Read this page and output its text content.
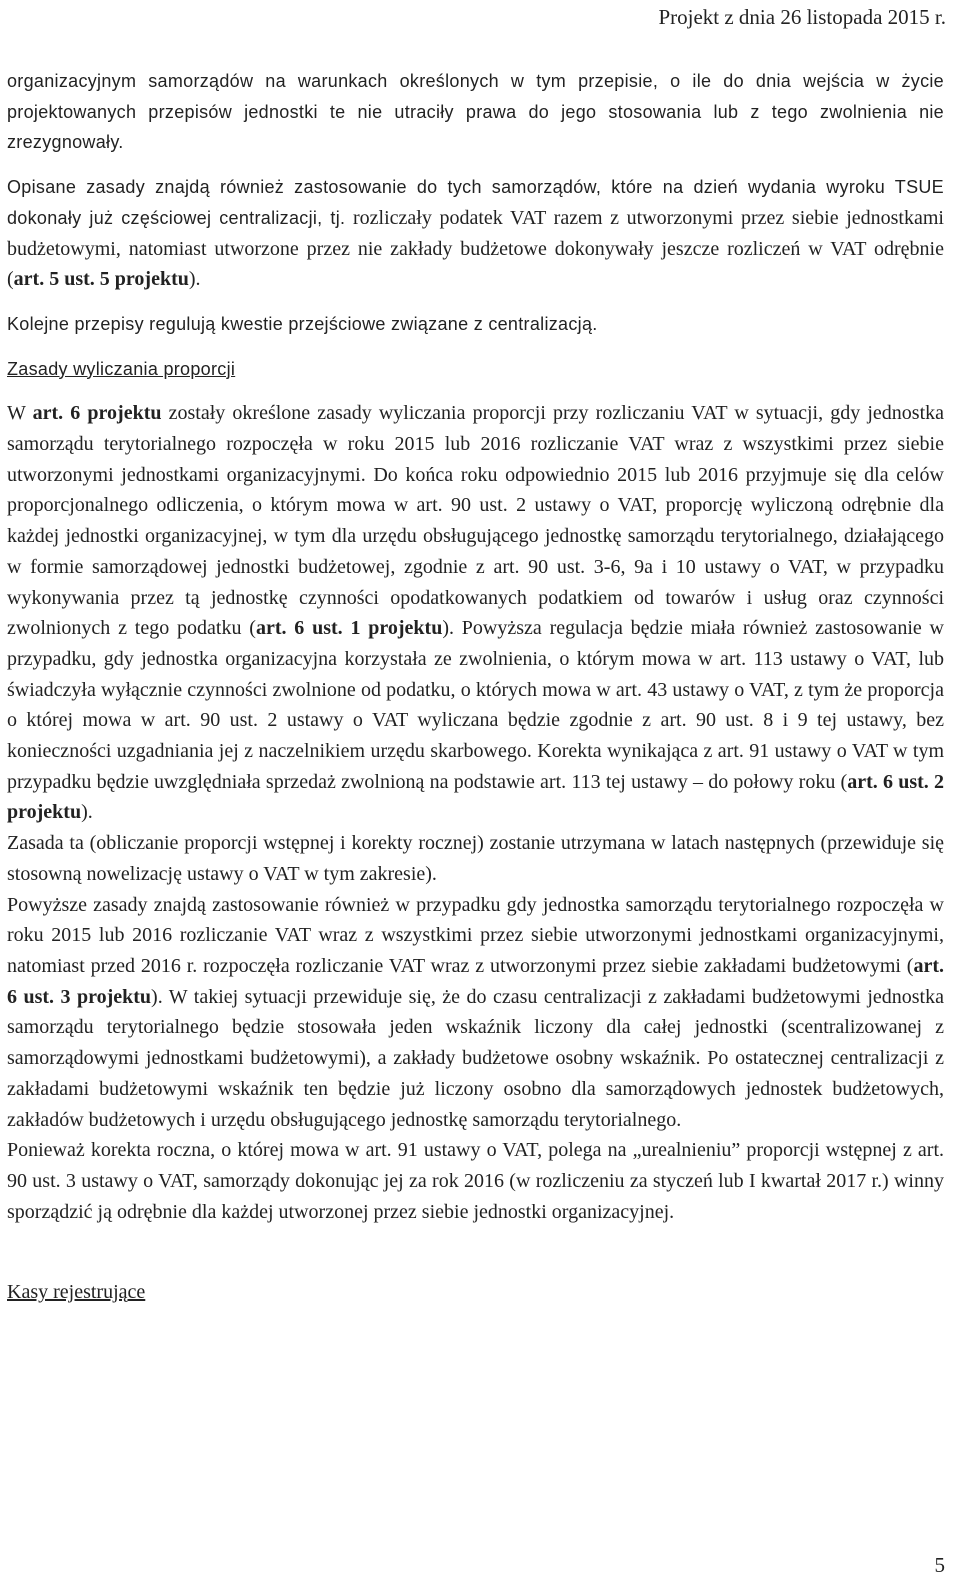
Projekt z dnia 26 listopada 2015 r.

organizacyjnym samorządów na warunkach określonych w tym przepisie, o ile do dnia wejścia w życie projektowanych przepisów jednostki te nie utraciły prawa do jego stosowania lub z tego zwolnienia nie zrezygnowały.

Opisane zasady znajdą również zastosowanie do tych samorządów, które na dzień wydania wyroku TSUE dokonały już częściowej centralizacji, tj. rozliczały podatek VAT razem z utworzonymi przez siebie jednostkami budżetowymi, natomiast utworzone przez nie zakłady budżetowe dokonywały jeszcze rozliczeń w VAT odrębnie (art. 5 ust. 5 projektu).

Kolejne przepisy regulują kwestie przejściowe związane z centralizacją.

Zasady wyliczania proporcji

W art. 6 projektu zostały określone zasady wyliczania proporcji przy rozliczaniu VAT w sytuacji, gdy jednostka samorządu terytorialnego rozpoczęła w roku 2015 lub 2016 rozliczanie VAT wraz z wszystkimi przez siebie utworzonymi jednostkami organizacyjnymi. Do końca roku odpowiednio 2015 lub 2016 przyjmuje się dla celów proporcjonalnego odliczenia, o którym mowa w art. 90 ust. 2 ustawy o VAT, proporcję wyliczoną odrębnie dla każdej jednostki organizacyjnej, w tym dla urzędu obsługującego jednostkę samorządu terytorialnego, działającego w formie samorządowej jednostki budżetowej, zgodnie z art. 90 ust. 3-6, 9a i 10 ustawy o VAT, w przypadku wykonywania przez tą jednostkę czynności opodatkowanych podatkiem od towarów i usług oraz czynności zwolnionych z tego podatku (art. 6 ust. 1 projektu). Powyższa regulacja będzie miała również zastosowanie w przypadku, gdy jednostka organizacyjna korzystała ze zwolnienia, o którym mowa w art. 113 ustawy o VAT, lub świadczyła wyłącznie czynności zwolnione od podatku, o których mowa w art. 43 ustawy o VAT, z tym że proporcja o której mowa w art. 90 ust. 2 ustawy o VAT wyliczana będzie zgodnie z art. 90 ust. 8 i 9 tej ustawy, bez konieczności uzgadniania jej z naczelnikiem urzędu skarbowego. Korekta wynikająca z art. 91 ustawy o VAT w tym przypadku będzie uwzględniała sprzedaż zwolnioną na podstawie art. 113 tej ustawy – do połowy roku (art. 6 ust. 2 projektu).

Zasada ta (obliczanie proporcji wstępnej i korekty rocznej) zostanie utrzymana w latach następnych (przewiduje się stosowną nowelizację ustawy o VAT w tym zakresie).

Powyższe zasady znajdą zastosowanie również w przypadku gdy jednostka samorządu terytorialnego rozpoczęła w roku 2015 lub 2016 rozliczanie VAT wraz z wszystkimi przez siebie utworzonymi jednostkami organizacyjnymi, natomiast przed 2016 r. rozpoczęła rozliczanie VAT wraz z utworzonymi przez siebie zakładami budżetowymi (art. 6 ust. 3 projektu). W takiej sytuacji przewiduje się, że do czasu centralizacji z zakładami budżetowymi jednostka samorządu terytorialnego będzie stosowała jeden wskaźnik liczony dla całej jednostki (scentralizowanej z samorządowymi jednostkami budżetowymi), a zakłady budżetowe osobny wskaźnik. Po ostatecznej centralizacji z zakładami budżetowymi wskaźnik ten będzie już liczony osobno dla samorządowych jednostek budżetowych, zakładów budżetowych i urzędu obsługującego jednostkę samorządu terytorialnego.

Ponieważ korekta roczna, o której mowa w art. 91 ustawy o VAT, polega na „urealnieniu” proporcji wstępnej z art. 90 ust. 3 ustawy o VAT, samorządy dokonując jej za rok 2016 (w rozliczeniu za styczeń lub I kwartał 2017 r.) winny sporządzić ją odrębnie dla każdej utworzonej przez siebie jednostki organizacyjnej.

Kasy rejestrujące

5
